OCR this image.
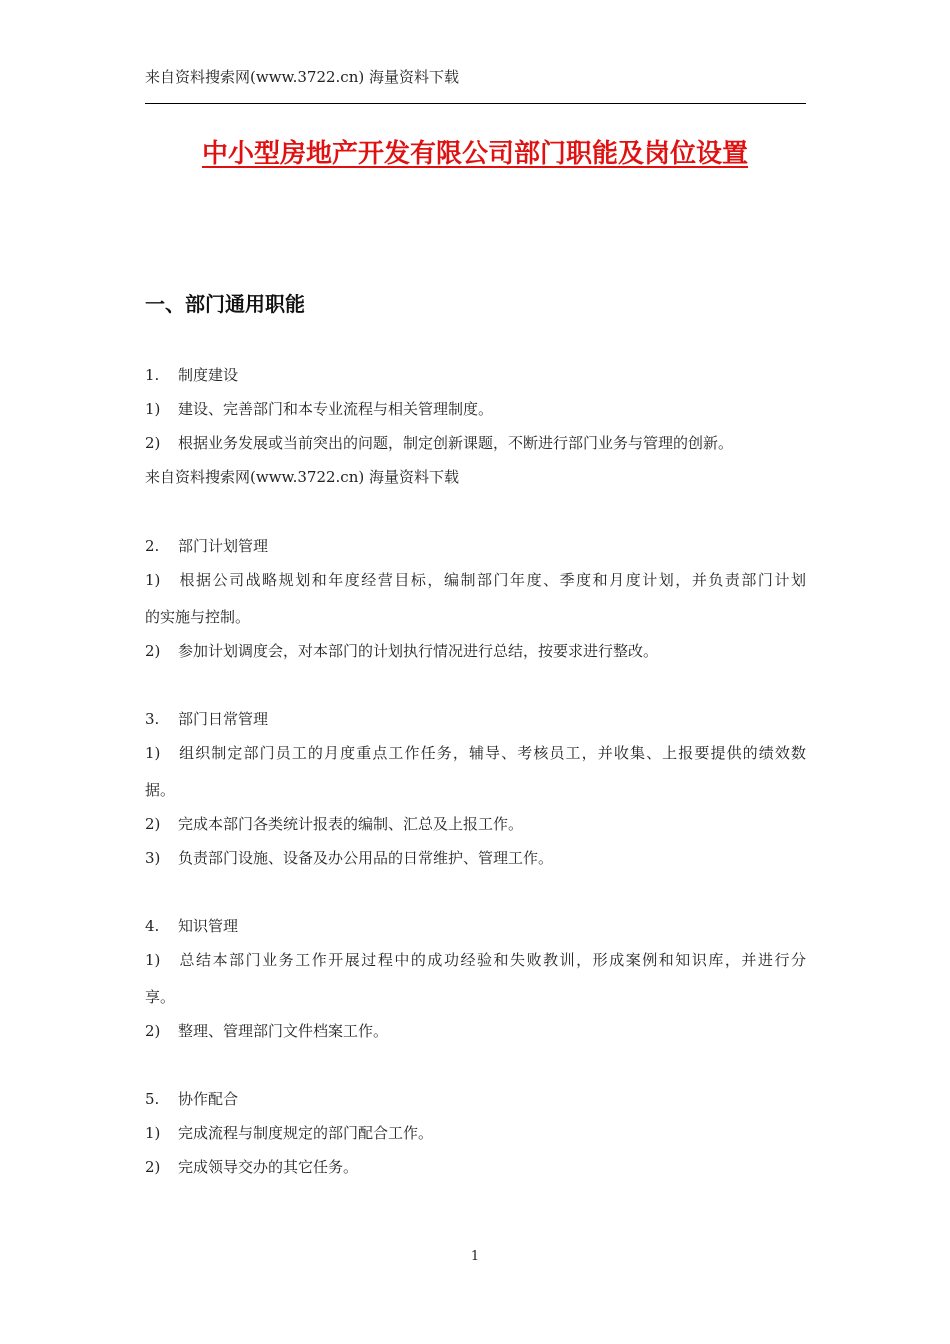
来自资料搜索网(www.3722.cn) 海量资料下载
中小型房地产开发有限公司部门职能及岗位设置
一、部门通用职能
1. 制度建设
1) 建设、完善部门和本专业流程与相关管理制度。
2) 根据业务发展或当前突出的问题，制定创新课题，不断进行部门业务与管理的创新。
来自资料搜索网(www.3722.cn) 海量资料下载
2. 部门计划管理
1) 根据公司战略规划和年度经营目标，编制部门年度、季度和月度计划，并负责部门计划
的实施与控制。
2) 参加计划调度会，对本部门的计划执行情况进行总结，按要求进行整改。
3. 部门日常管理
1) 组织制定部门员工的月度重点工作任务，辅导、考核员工，并收集、上报要提供的绩效数
据。
2) 完成本部门各类统计报表的编制、汇总及上报工作。
3) 负责部门设施、设备及办公用品的日常维护、管理工作。
4. 知识管理
1) 总结本部门业务工作开展过程中的成功经验和失败教训，形成案例和知识库，并进行分
享。
2) 整理、管理部门文件档案工作。
5. 协作配合
1) 完成流程与制度规定的部门配合工作。
2) 完成领导交办的其它任务。
1
